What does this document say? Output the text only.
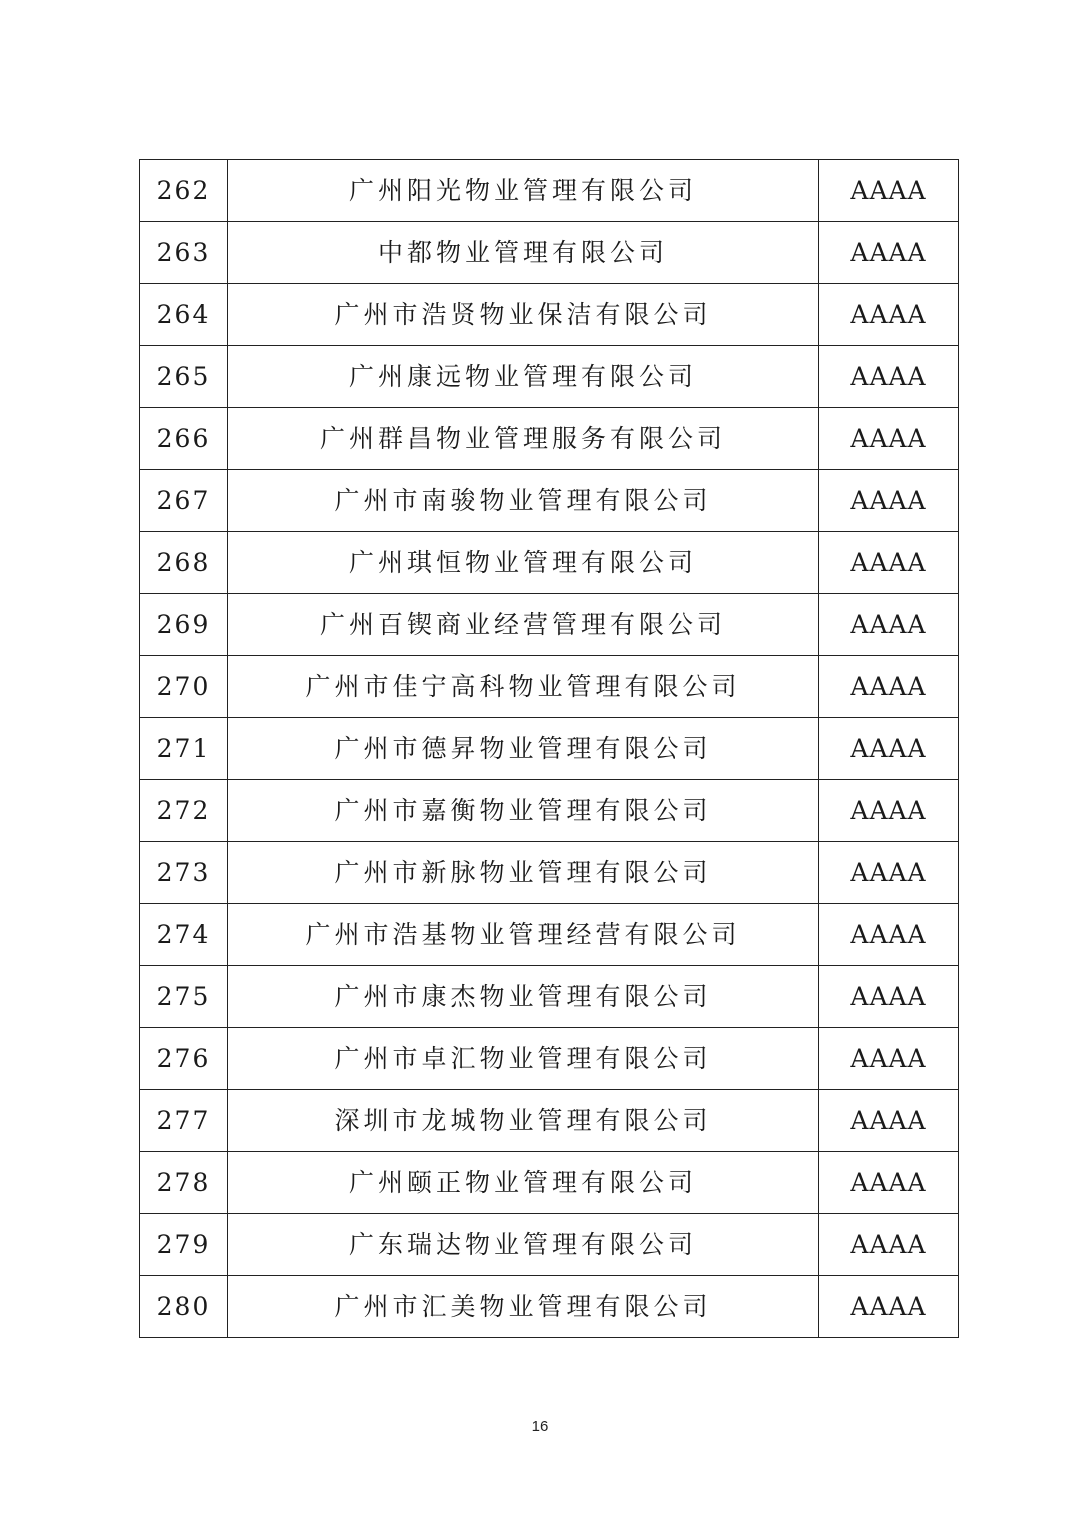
262	广州阳光物业管理有限公司	AAAA
263	中都物业管理有限公司	AAAA
264	广州市浩贤物业保洁有限公司	AAAA
265	广州康远物业管理有限公司	AAAA
266	广州群昌物业管理服务有限公司	AAAA
267	广州市南骏物业管理有限公司	AAAA
268	广州琪恒物业管理有限公司	AAAA
269	广州百锲商业经营管理有限公司	AAAA
270	广州市佳宁高科物业管理有限公司	AAAA
271	广州市德昇物业管理有限公司	AAAA
272	广州市嘉衡物业管理有限公司	AAAA
273	广州市新脉物业管理有限公司	AAAA
274	广州市浩基物业管理经营有限公司	AAAA
275	广州市康杰物业管理有限公司	AAAA
276	广州市卓汇物业管理有限公司	AAAA
277	深圳市龙城物业管理有限公司	AAAA
278	广州颐正物业管理有限公司	AAAA
279	广东瑞达物业管理有限公司	AAAA
280	广州市汇美物业管理有限公司	AAAA
16
